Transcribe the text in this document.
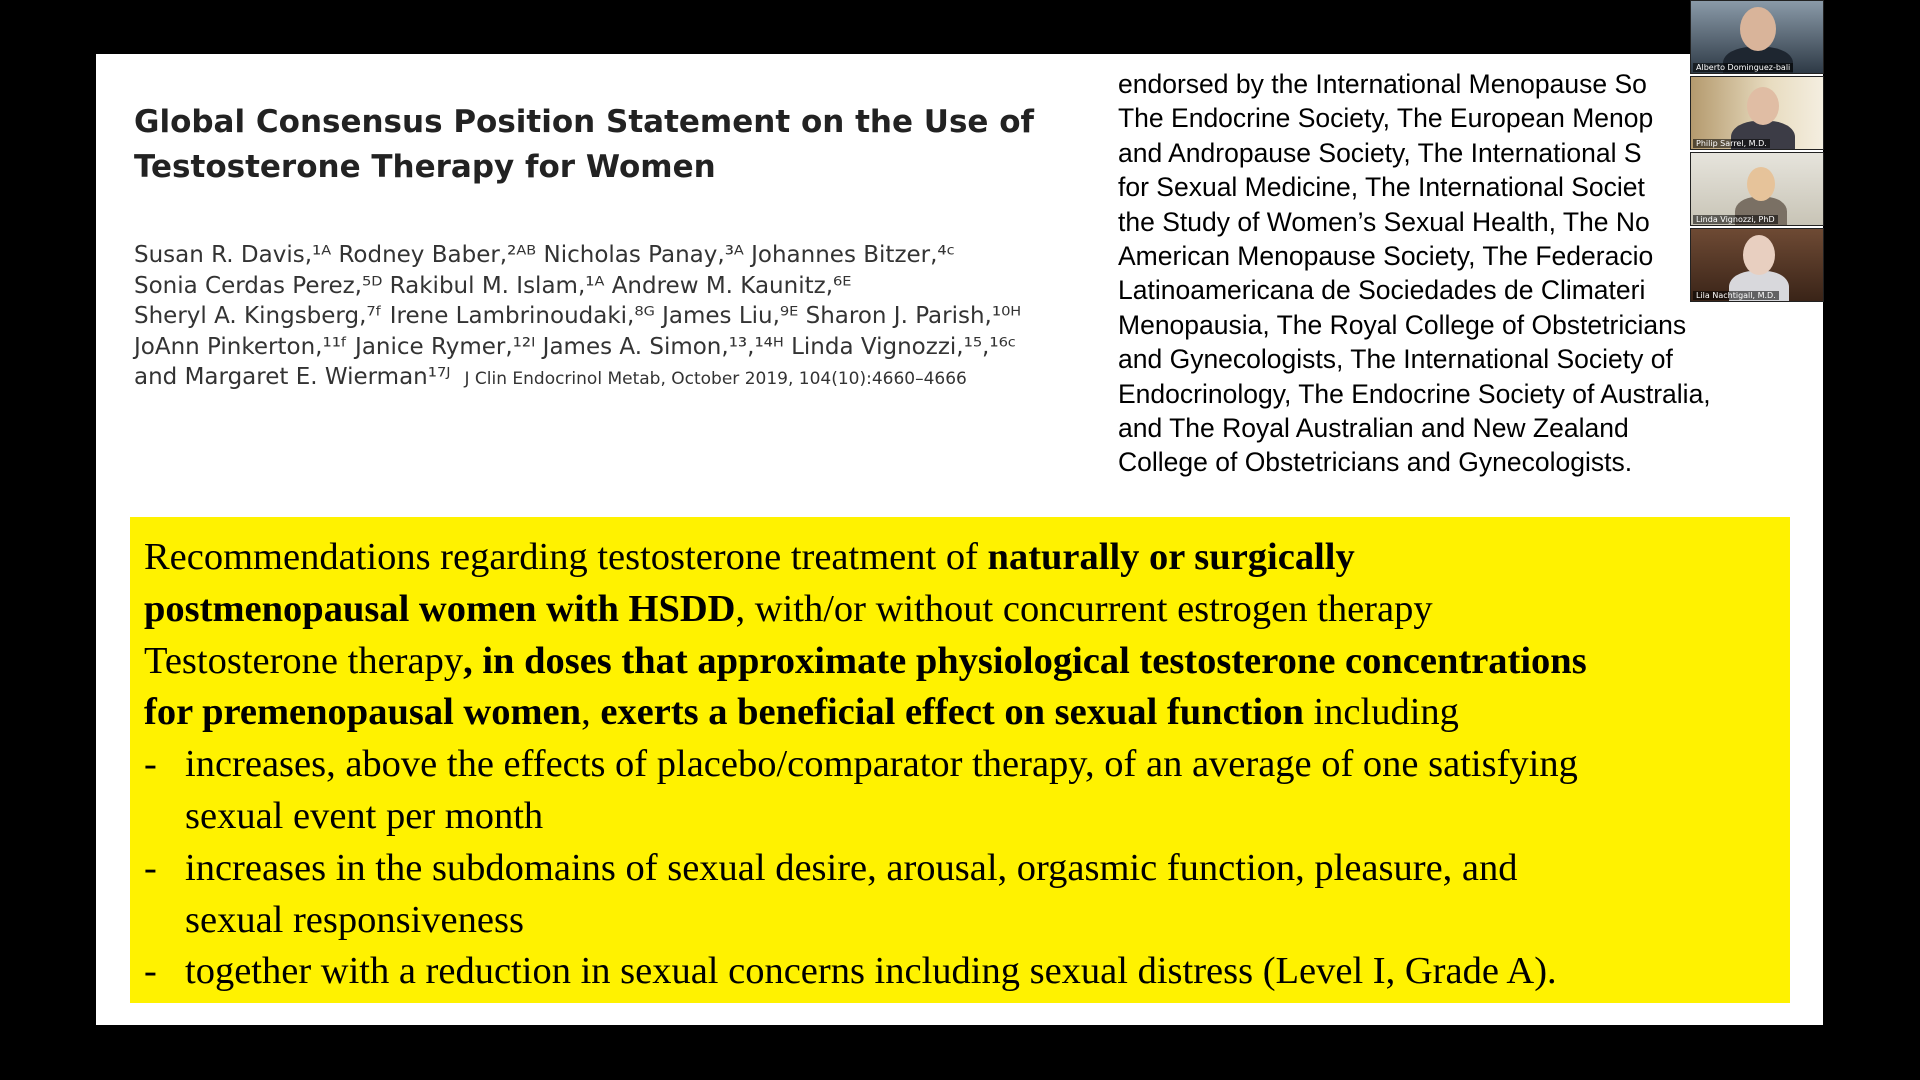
Global Consensus Position Statement on the Use of
Testosterone Therapy for Women
Susan R. Davis,¹ᴬ Rodney Baber,²ᴬᴮ Nicholas Panay,³ᴬ Johannes Bitzer,⁴ᶜ
Sonia Cerdas Perez,⁵ᴰ Rakibul M. Islam,¹ᴬ Andrew M. Kaunitz,⁶ᴱ
Sheryl A. Kingsberg,⁷ᶠ Irene Lambrinoudaki,⁸ᴳ James Liu,⁹ᴱ Sharon J. Parish,¹⁰ᴴ
JoAnn Pinkerton,¹¹ᶠ Janice Rymer,¹²ᴵ James A. Simon,¹³,¹⁴ᴴ Linda Vignozzi,¹⁵,¹⁶ᶜ
and Margaret E. Wierman¹⁷ᴶ J Clin Endocrinol Metab, October 2019, 104(10):4660–4666
endorsed by the International Menopause So
The Endocrine Society, The European Menop
and Andropause Society, The International S
for Sexual Medicine, The International Societ
the Study of Women’s Sexual Health, The No
American Menopause Society, The Federacio
Latinoamericana de Sociedades de Climateri
Menopausia, The Royal College of Obstetricians
and Gynecologists, The International Society of
Endocrinology, The Endocrine Society of Australia,
and The Royal Australian and New Zealand
College of Obstetricians and Gynecologists.
Recommendations regarding testosterone treatment of naturally or surgically
postmenopausal women with HSDD, with/or without concurrent estrogen therapy
Testosterone therapy, in doses that approximate physiological testosterone concentrations
for premenopausal women, exerts a beneficial effect on sexual function including
- increases, above the effects of placebo/comparator therapy, of an average of one satisfying
sexual event per month
- increases in the subdomains of sexual desire, arousal, orgasmic function, pleasure, and
sexual responsiveness
- together with a reduction in sexual concerns including sexual distress (Level I, Grade A).
Alberto Dominguez-bali
Philip Sarrel, M.D.
Linda Vignozzi, PhD
Lila Nachtigall, M.D.
